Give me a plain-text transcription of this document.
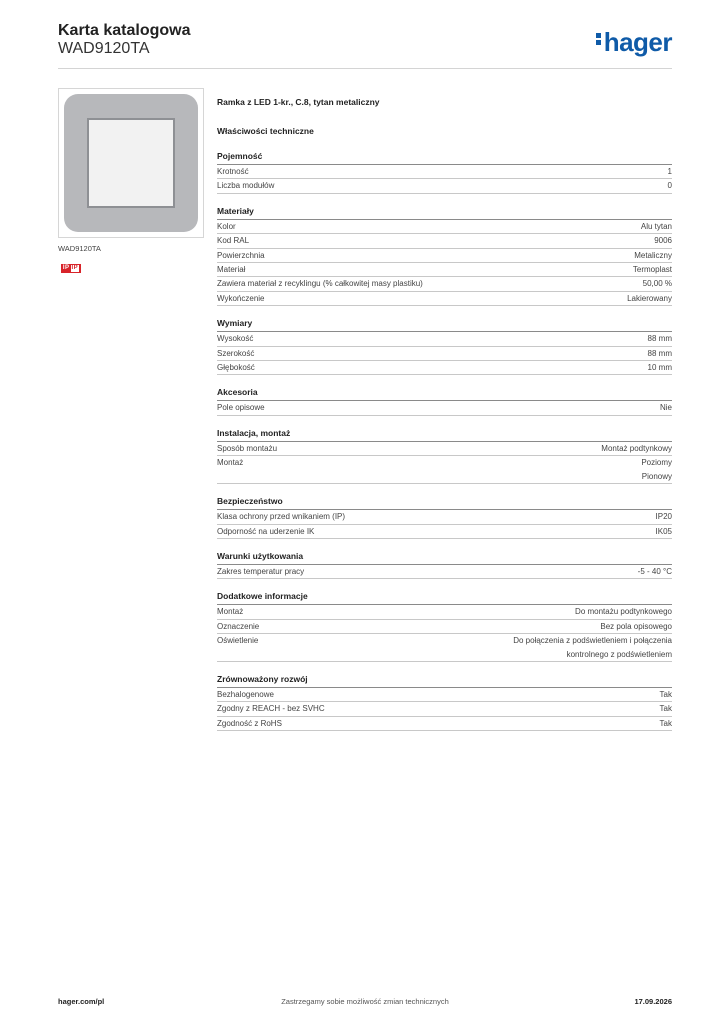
Karta katalogowa
WAD9120TA	hager
WAD9120TA
IP IP
Ramka z LED 1-kr., C.8, tytan metaliczny
Właściwości techniczne
Pojemność
Krotność	1
Liczba modułów	0
Materiały
Kolor	Alu tytan
Kod RAL	9006
Powierzchnia	Metaliczny
Materiał	Termoplast
Zawiera materiał z recyklingu (% całkowitej masy plastiku)	50,00 %
Wykończenie	Lakierowany
Wymiary
Wysokość	88 mm
Szerokość	88 mm
Głębokość	10 mm
Akcesoria
Pole opisowe	Nie
Instalacja, montaż
Sposób montażu	Montaż podtynkowy
Montaż	Poziomy
Pionowy
Bezpieczeństwo
Klasa ochrony przed wnikaniem (IP)	IP20
Odporność na uderzenie IK	IK05
Warunki użytkowania
Zakres temperatur pracy	-5 - 40 °C
Dodatkowe informacje
Montaż	Do montażu podtynkowego
Oznaczenie	Bez pola opisowego
Oświetlenie	Do połączenia z podświetleniem i połączenia
kontrolnego z podświetleniem
Zrównoważony rozwój
Bezhalogenowe	Tak
Zgodny z REACH - bez SVHC	Tak
Zgodność z RoHS	Tak
Zastrzegamy sobie możliwość zmian technicznych
hager.com/pl	17.09.2026
